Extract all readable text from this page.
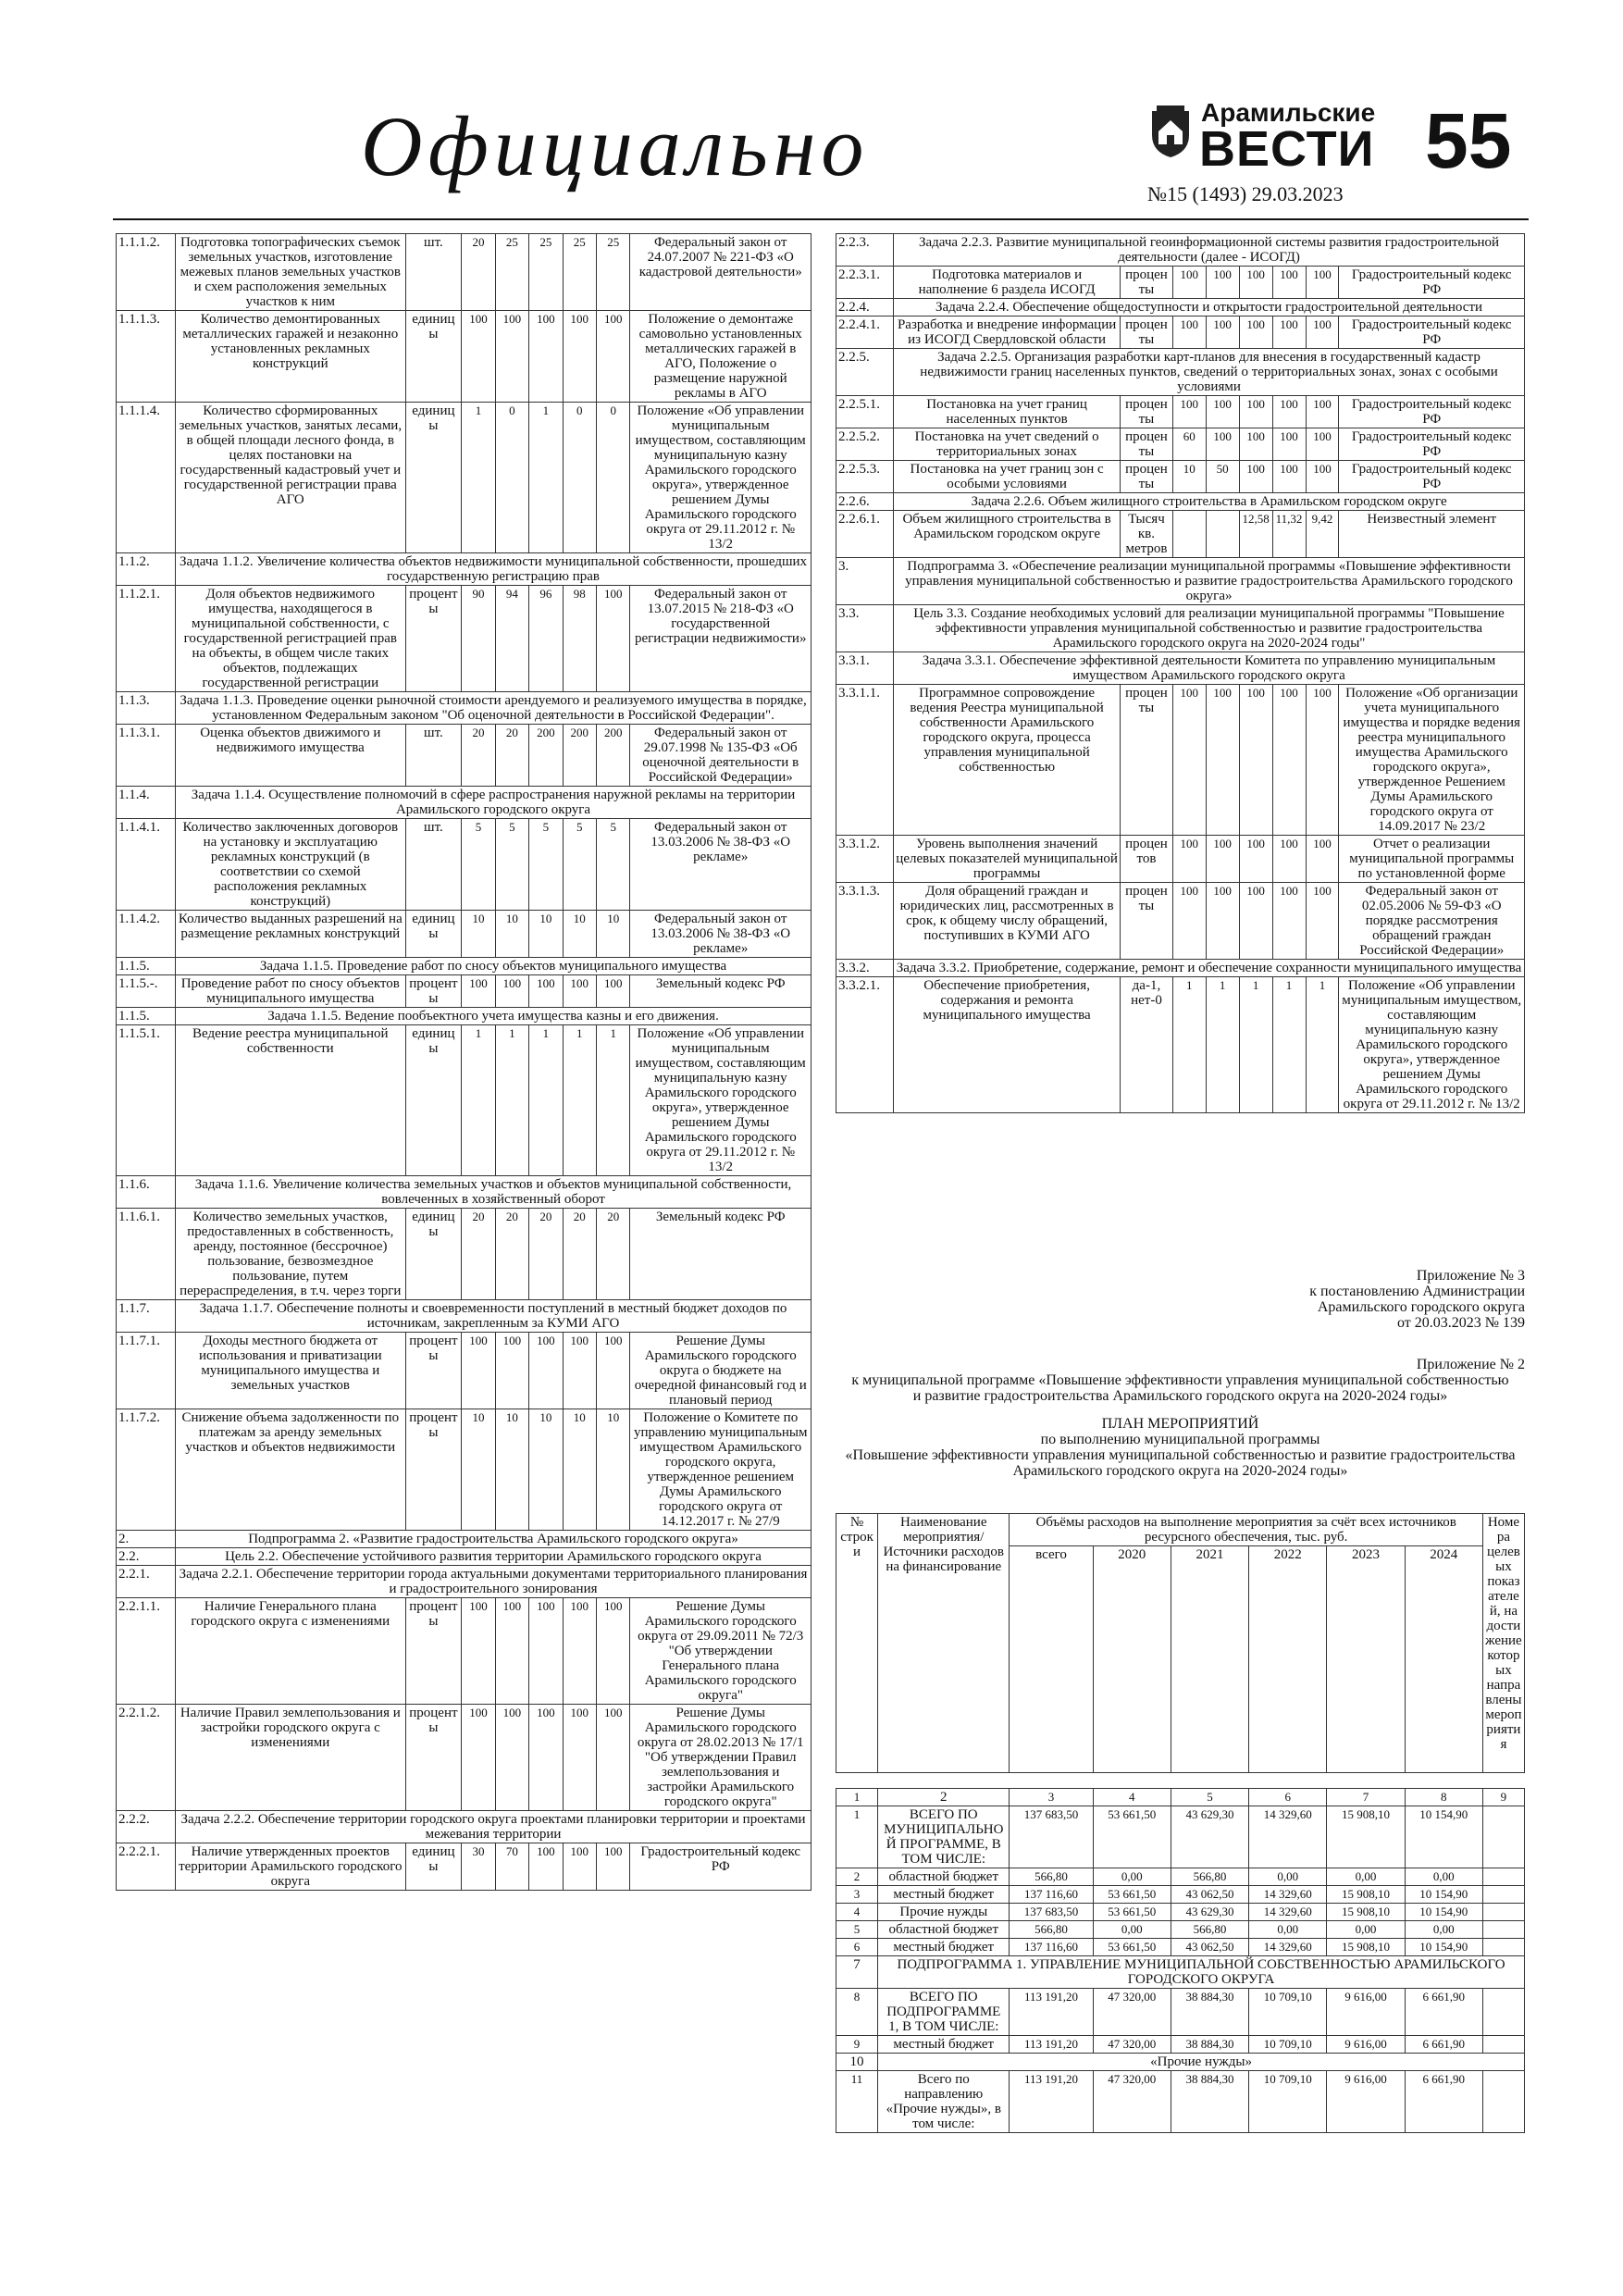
Официально	Арамильские
ВЕСТИ
№15 (1493) 29.03.2023
55
1.1.1.2.	Подготовка топографических съемок земельных участков, изготовление межевых планов земельных участков и схем расположения земельных участков к ним	шт.	20	25	25	25	25	Федеральный закон от 24.07.2007 № 221-ФЗ «О кадастровой деятельности»
1.1.1.3.	Количество демонтированных металлических гаражей и незаконно установленных рекламных конструкций	единицы	100	100	100	100	100	Положение о демонтаже самовольно установленных металлических гаражей в АГО, Положение о размещение наружной рекламы в АГО
1.1.1.4.	Количество сформированных земельных участков, занятых лесами, в общей площади лесного фонда, в целях постановки на государственный кадастровый учет и государственной регистрации права АГО	единицы	1	0	1	0	0	Положение «Об управлении муниципальным имуществом, составляющим муниципальную казну Арамильского городского округа», утвержденное решением Думы Арамильского городского округа от 29.11.2012 г. № 13/2
1.1.2.	Задача 1.1.2. Увеличение количества объектов недвижимости муниципальной собственности, прошедших государственную регистрацию прав							
1.1.2.1.	Доля объектов недвижимого имущества, находящегося в муниципальной собственности, с государственной регистрацией прав на объекты, в общем числе таких объектов, подлежащих государственной регистрации	проценты	90	94	96	98	100	Федеральный закон от 13.07.2015 № 218-ФЗ «О государственной регистрации недвижимости»
1.1.3.	Задача 1.1.3. Проведение оценки рыночной стоимости арендуемого и реализуемого имущества в порядке, установленном Федеральным законом "Об оценочной деятельности в Российской Федерации".							
1.1.3.1.	Оценка объектов движимого и недвижимого имущества	шт.	20	20	200	200	200	Федеральный закон от 29.07.1998 № 135-ФЗ «Об оценочной деятельности в Российской Федерации»
1.1.4.	Задача 1.1.4. Осуществление полномочий в сфере распространения наружной рекламы на территории Арамильского городского округа							
1.1.4.1.	Количество заключенных договоров на установку и эксплуатацию рекламных конструкций (в соответствии со схемой расположения рекламных конструкций)	шт.	5	5	5	5	5	Федеральный закон от 13.03.2006 № 38-ФЗ «О рекламе»
1.1.4.2.	Количество выданных разрешений на размещение рекламных конструкций	единицы	10	10	10	10	10	Федеральный закон от 13.03.2006 № 38-ФЗ «О рекламе»
1.1.5.	Задача 1.1.5. Проведение работ по сносу объектов муниципального имущества							
1.1.5.-.	Проведение работ по сносу объектов муниципального имущества	проценты	100	100	100	100	100	Земельный кодекс РФ
1.1.5.	Задача 1.1.5. Ведение пообъектного учета имущества казны и его движения.							
1.1.5.1.	Ведение реестра муниципальной собственности	единицы	1	1	1	1	1	Положение «Об управлении муниципальным имуществом, составляющим муниципальную казну Арамильского городского округа», утвержденное решением Думы Арамильского городского округа от 29.11.2012 г. № 13/2
1.1.6.	Задача 1.1.6. Увеличение количества земельных участков и объектов муниципальной собственности, вовлеченных в хозяйственный оборот							
1.1.6.1.	Количество земельных участков, предоставленных в собственность, аренду, постоянное (бессрочное) пользование, безвозмездное пользование, путем перераспределения, в т.ч. через торги	единицы	20	20	20	20	20	Земельный кодекс РФ
1.1.7.	Задача 1.1.7. Обеспечение полноты и своевременности поступлений в местный бюджет доходов по источникам, закрепленным за КУМИ АГО							
1.1.7.1.	Доходы местного бюджета от использования и приватизации муниципального имущества и земельных участков	проценты	100	100	100	100	100	Решение Думы Арамильского городского округа о бюджете на очередной финансовый год и плановый период
1.1.7.2.	Снижение объема задолженности по платежам за аренду земельных участков и объектов недвижимости	проценты	10	10	10	10	10	Положение о Комитете по управлению муниципальным имуществом Арамильского городского округа, утвержденное решением Думы Арамильского городского округа от 14.12.2017 г. № 27/9
2.	Подпрограмма 2. «Развитие градостроительства Арамильского городского округа»							
2.2.	Цель 2.2. Обеспечение устойчивого развития территории Арамильского городского округа							
2.2.1.	Задача 2.2.1. Обеспечение территории города актуальными документами территориального планирования и градостроительного зонирования							
2.2.1.1.	Наличие Генерального плана городского округа с изменениями	проценты	100	100	100	100	100	Решение Думы Арамильского городского округа от 29.09.2011 № 72/3 "Об утверждении Генерального плана Арамильского городского округа"
2.2.1.2.	Наличие Правил землепользования и застройки городского округа с изменениями	проценты	100	100	100	100	100	Решение Думы Арамильского городского округа от 28.02.2013 № 17/1 "Об утверждении Правил землепользования и застройки Арамильского городского округа"
2.2.2.	Задача 2.2.2. Обеспечение территории городского округа проектами планировки территории и проектами межевания территории							
2.2.2.1.	Наличие утвержденных проектов территории Арамильского городского округа	единицы	30	70	100	100	100	Градостроительный кодекс РФ
2.2.3.	Задача 2.2.3. Развитие муниципальной геоинформационной системы развития градостроительной деятельности (далее - ИСОГД)							
2.2.3.1.	Подготовка материалов и наполнение 6 раздела ИСОГД	проценты	100	100	100	100	100	Градостроительный кодекс РФ
2.2.4.	Задача 2.2.4. Обеспечение общедоступности и открытости градостроительной деятельности							
2.2.4.1.	Разработка и внедрение информации из ИСОГД Свердловской области	проценты	100	100	100	100	100	Градостроительный кодекс РФ
2.2.5.	Задача 2.2.5. Организация разработки карт-планов для внесения в государственный кадастр недвижимости границ населенных пунктов, сведений о территориальных зонах, зонах с особыми условиями							
2.2.5.1.	Постановка на учет границ населенных пунктов	проценты	100	100	100	100	100	Градостроительный кодекс РФ
2.2.5.2.	Постановка на учет сведений о территориальных зонах	проценты	60	100	100	100	100	Градостроительный кодекс РФ
2.2.5.3.	Постановка на учет границ зон с особыми условиями	проценты	10	50	100	100	100	Градостроительный кодекс РФ
2.2.6.	Задача 2.2.6. Объем жилищного строительства в Арамильском городском округе							
2.2.6.1.	Объем жилищного строительства в Арамильском городском округе	Тысяч кв. метров			12,58	11,32	9,42	Неизвестный элемент
3.	Подпрограмма 3. «Обеспечение реализации муниципальной программы «Повышение эффективности управления муниципальной собственностью и развитие градостроительства Арамильского городского округа»							
3.3.	Цель 3.3. Создание необходимых условий для реализации муниципальной программы "Повышение эффективности управления муниципальной собственностью и развитие градостроительства Арамильского городского округа на 2020-2024 годы"							
3.3.1.	Задача 3.3.1. Обеспечение эффективной деятельности Комитета по управлению муниципальным имуществом Арамильского городского округа							
3.3.1.1.	Программное сопровождение ведения Реестра муниципальной собственности Арамильского городского округа, процесса управления муниципальной собственностью	проценты	100	100	100	100	100	Положение «Об организации учета муниципального имущества и порядке ведения реестра муниципального имущества Арамильского городского округа», утвержденное Решением Думы Арамильского городского округа от 14.09.2017 № 23/2
3.3.1.2.	Уровень выполнения значений целевых показателей муниципальной программы	процентов	100	100	100	100	100	Отчет о реализации муниципальной программы по установленной форме
3.3.1.3.	Доля обращений граждан и юридических лиц, рассмотренных в срок, к общему числу обращений, поступивших в КУМИ АГО	проценты	100	100	100	100	100	Федеральный закон от 02.05.2006 № 59-ФЗ «О порядке рассмотрения обращений граждан Российской Федерации»
3.3.2.	Задача 3.3.2. Приобретение, содержание, ремонт и обеспечение сохранности муниципального имущества							
3.3.2.1.	Обеспечение приобретения, содержания и ремонта муниципального имущества	да-1, нет-0	1	1	1	1	1	Положение «Об управлении муниципальным имуществом, составляющим муниципальную казну Арамильского городского округа», утвержденное решением Думы Арамильского городского округа от 29.11.2012 г. № 13/2
Приложение № 3
к постановлению Администрации
Арамильского городского округа
от 20.03.2023 № 139
Приложение № 2
к муниципальной программе «Повышение эффективности управления муниципальной собственностью
и развитие градостроительства Арамильского городского округа на 2020-2024 годы»
ПЛАН МЕРОПРИЯТИЙ
по выполнению муниципальной программы
«Повышение эффективности управления муниципальной собственностью и развитие градостроительства Арамильского городского округа на 2020-2024 годы»
№ строки	Наименование мероприятия/ Источники расходов на финансирование	Объёмы расходов на выполнение мероприятия за счёт всех источников ресурсного обеспечения, тыс. руб.						Номера целевых показателей, на достижение которых направлены мероприятия
		всего	2020	2021	2022	2023	2024	
1	2	3	4	5	6	7	8	9
1	ВСЕГО ПО МУНИЦИПАЛЬНОЙ ПРОГРАММЕ, В ТОМ ЧИСЛЕ:	137 683,50	53 661,50	43 629,30	14 329,60	15 908,10	10 154,90	
2	областной бюджет	566,80	0,00	566,80	0,00	0,00	0,00	
3	местный бюджет	137 116,60	53 661,50	43 062,50	14 329,60	15 908,10	10 154,90	
4	Прочие нужды	137 683,50	53 661,50	43 629,30	14 329,60	15 908,10	10 154,90	
5	областной бюджет	566,80	0,00	566,80	0,00	0,00	0,00	
6	местный бюджет	137 116,60	53 661,50	43 062,50	14 329,60	15 908,10	10 154,90	
7	ПОДПРОГРАММА 1. УПРАВЛЕНИЕ МУНИЦИПАЛЬНОЙ СОБСТВЕННОСТЬЮ АРАМИЛЬСКОГО ГОРОДСКОГО ОКРУГА							
8	ВСЕГО ПО ПОДПРОГРАММЕ 1, В ТОМ ЧИСЛЕ:	113 191,20	47 320,00	38 884,30	10 709,10	9 616,00	6 661,90	
9	местный бюджет	113 191,20	47 320,00	38 884,30	10 709,10	9 616,00	6 661,90	
10	«Прочие нужды»							
11	Всего по направлению «Прочие нужды», в том числе:	113 191,20	47 320,00	38 884,30	10 709,10	9 616,00	6 661,90	
